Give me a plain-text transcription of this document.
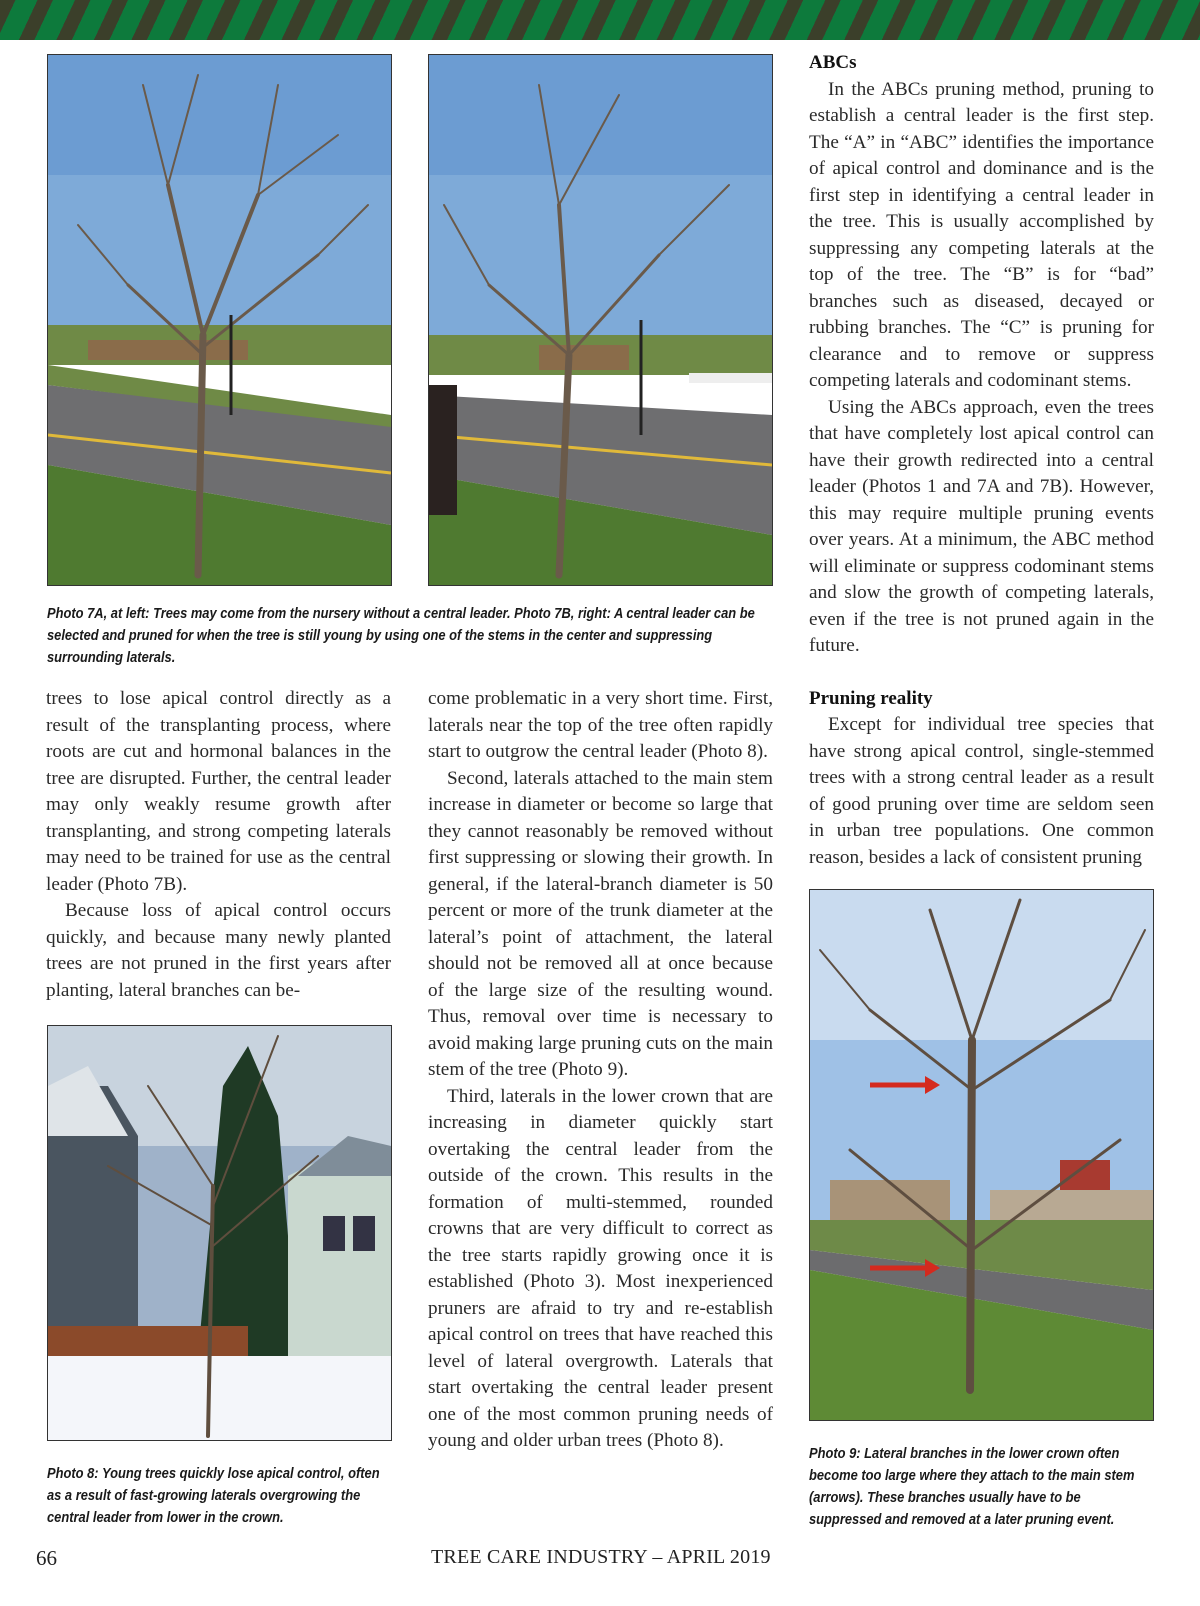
Photo 7A, at left: Trees may come from the nursery without a central leader. Photo 7B, right: A central leader can be selected and pruned for when the tree is still young by using one of the stems in the center and suppressing surrounding laterals.

trees to lose apical control directly as a result of the transplanting process, where roots are cut and hormonal balances in the tree are disrupted. Further, the central leader may only weakly resume growth after transplanting, and strong competing laterals may need to be trained for use as the central leader (Photo 7B).

Because loss of apical control occurs quickly, and because many newly planted trees are not pruned in the first years after planting, lateral branches can be-

Photo 8: Young trees quickly lose apical control, often as a result of fast-growing laterals overgrowing the central leader from lower in the crown.

come problematic in a very short time. First, laterals near the top of the tree often rapidly start to outgrow the central leader (Photo 8).

Second, laterals attached to the main stem increase in diameter or become so large that they cannot reasonably be removed without first suppressing or slowing their growth. In general, if the lateral-branch diameter is 50 percent or more of the trunk diameter at the lateral’s point of attachment, the lateral should not be removed all at once because of the large size of the resulting wound. Thus, removal over time is necessary to avoid making large pruning cuts on the main stem of the tree (Photo 9).

Third, laterals in the lower crown that are increasing in diameter quickly start overtaking the central leader from the outside of the crown. This results in the formation of multi-stemmed, rounded crowns that are very difficult to correct as the tree starts rapidly growing once it is established (Photo 3). Most inexperienced pruners are afraid to try and re-establish apical control on trees that have reached this level of lateral overgrowth. Laterals that start overtaking the central leader present one of the most common pruning needs of young and older urban trees (Photo 8).

ABCs

In the ABCs pruning method, pruning to establish a central leader is the first step. The “A” in “ABC” identifies the importance of apical control and dominance and is the first step in identifying a central leader in the tree. This is usually accomplished by suppressing any competing laterals at the top of the tree. The “B” is for “bad” branches such as diseased, decayed or rubbing branches. The “C” is pruning for clearance and to remove or suppress competing laterals and codominant stems.

Using the ABCs approach, even the trees that have completely lost apical control can have their growth redirected into a central leader (Photos 1 and 7A and 7B). However, this may require multiple pruning events over years. At a minimum, the ABC method will eliminate or suppress codominant stems and slow the growth of competing laterals, even if the tree is not pruned again in the future.

Pruning reality

Except for individual tree species that have strong apical control, single-stemmed trees with a strong central leader as a result of good pruning over time are seldom seen in urban tree populations. One common reason, besides a lack of consistent pruning

Photo 9: Lateral branches in the lower crown often become too large where they attach to the main stem (arrows). These branches usually have to be suppressed and removed at a later pruning event.
66	TREE CARE INDUSTRY – APRIL 2019
